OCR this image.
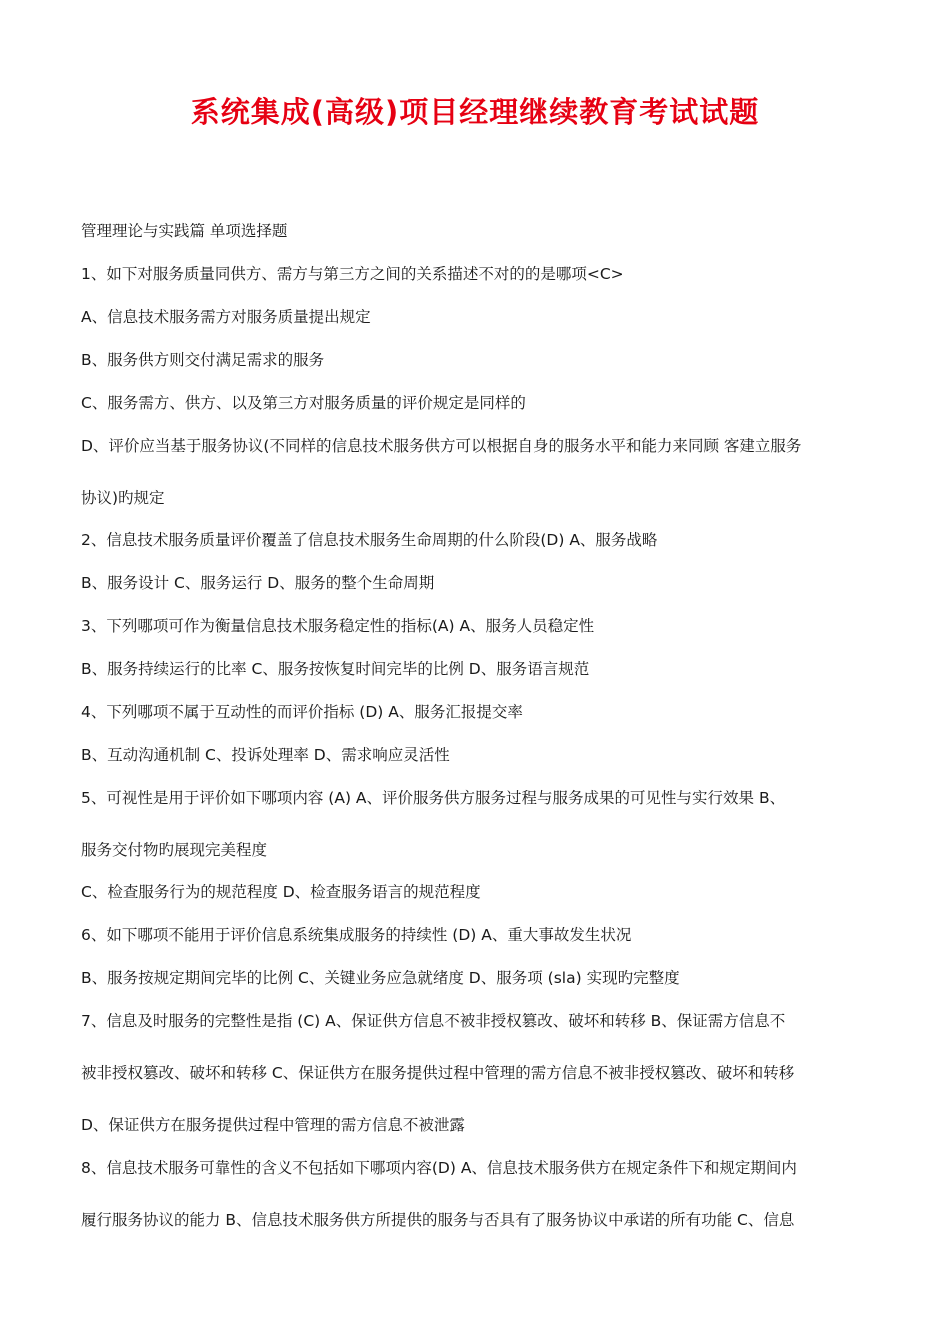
系统集成(高级)项目经理继续教育考试试题
管理理论与实践篇 单项选择题
1、如下对服务质量同供方、需方与第三方之间的关系描述不对的的是哪项<C>
A、信息技术服务需方对服务质量提出规定
B、服务供方则交付满足需求的服务
C、服务需方、供方、以及第三方对服务质量的评价规定是同样的
D、评价应当基于服务协议(不同样的信息技术服务供方可以根据自身的服务水平和能力来同顾 客建立服务
协议)旳规定
2、信息技术服务质量评价覆盖了信息技术服务生命周期的什么阶段(D) A、服务战略
B、服务设计 C、服务运行 D、服务的整个生命周期
3、下列哪项可作为衡量信息技术服务稳定性的指标(A) A、服务人员稳定性
B、服务持续运行的比率 C、服务按恢复时间完毕的比例 D、服务语言规范
4、下列哪项不属于互动性的而评价指标 (D) A、服务汇报提交率
B、互动沟通机制 C、投诉处理率 D、需求响应灵活性
5、可视性是用于评价如下哪项内容 (A) A、评价服务供方服务过程与服务成果的可见性与实行效果 B、
服务交付物旳展现完美程度
C、检查服务行为的规范程度 D、检查服务语言的规范程度
6、如下哪项不能用于评价信息系统集成服务的持续性 (D) A、重大事故发生状况
B、服务按规定期间完毕的比例 C、关键业务应急就绪度 D、服务项 (sla) 实现旳完整度
7、信息及时服务的完整性是指 (C) A、保证供方信息不被非授权篡改、破坏和转移 B、保证需方信息不
被非授权篡改、破坏和转移 C、保证供方在服务提供过程中管理的需方信息不被非授权篡改、破坏和转移
D、保证供方在服务提供过程中管理的需方信息不被泄露
8、信息技术服务可靠性的含义不包括如下哪项内容(D) A、信息技术服务供方在规定条件下和规定期间内
履行服务协议的能力 B、信息技术服务供方所提供的服务与否具有了服务协议中承诺的所有功能 C、信息
